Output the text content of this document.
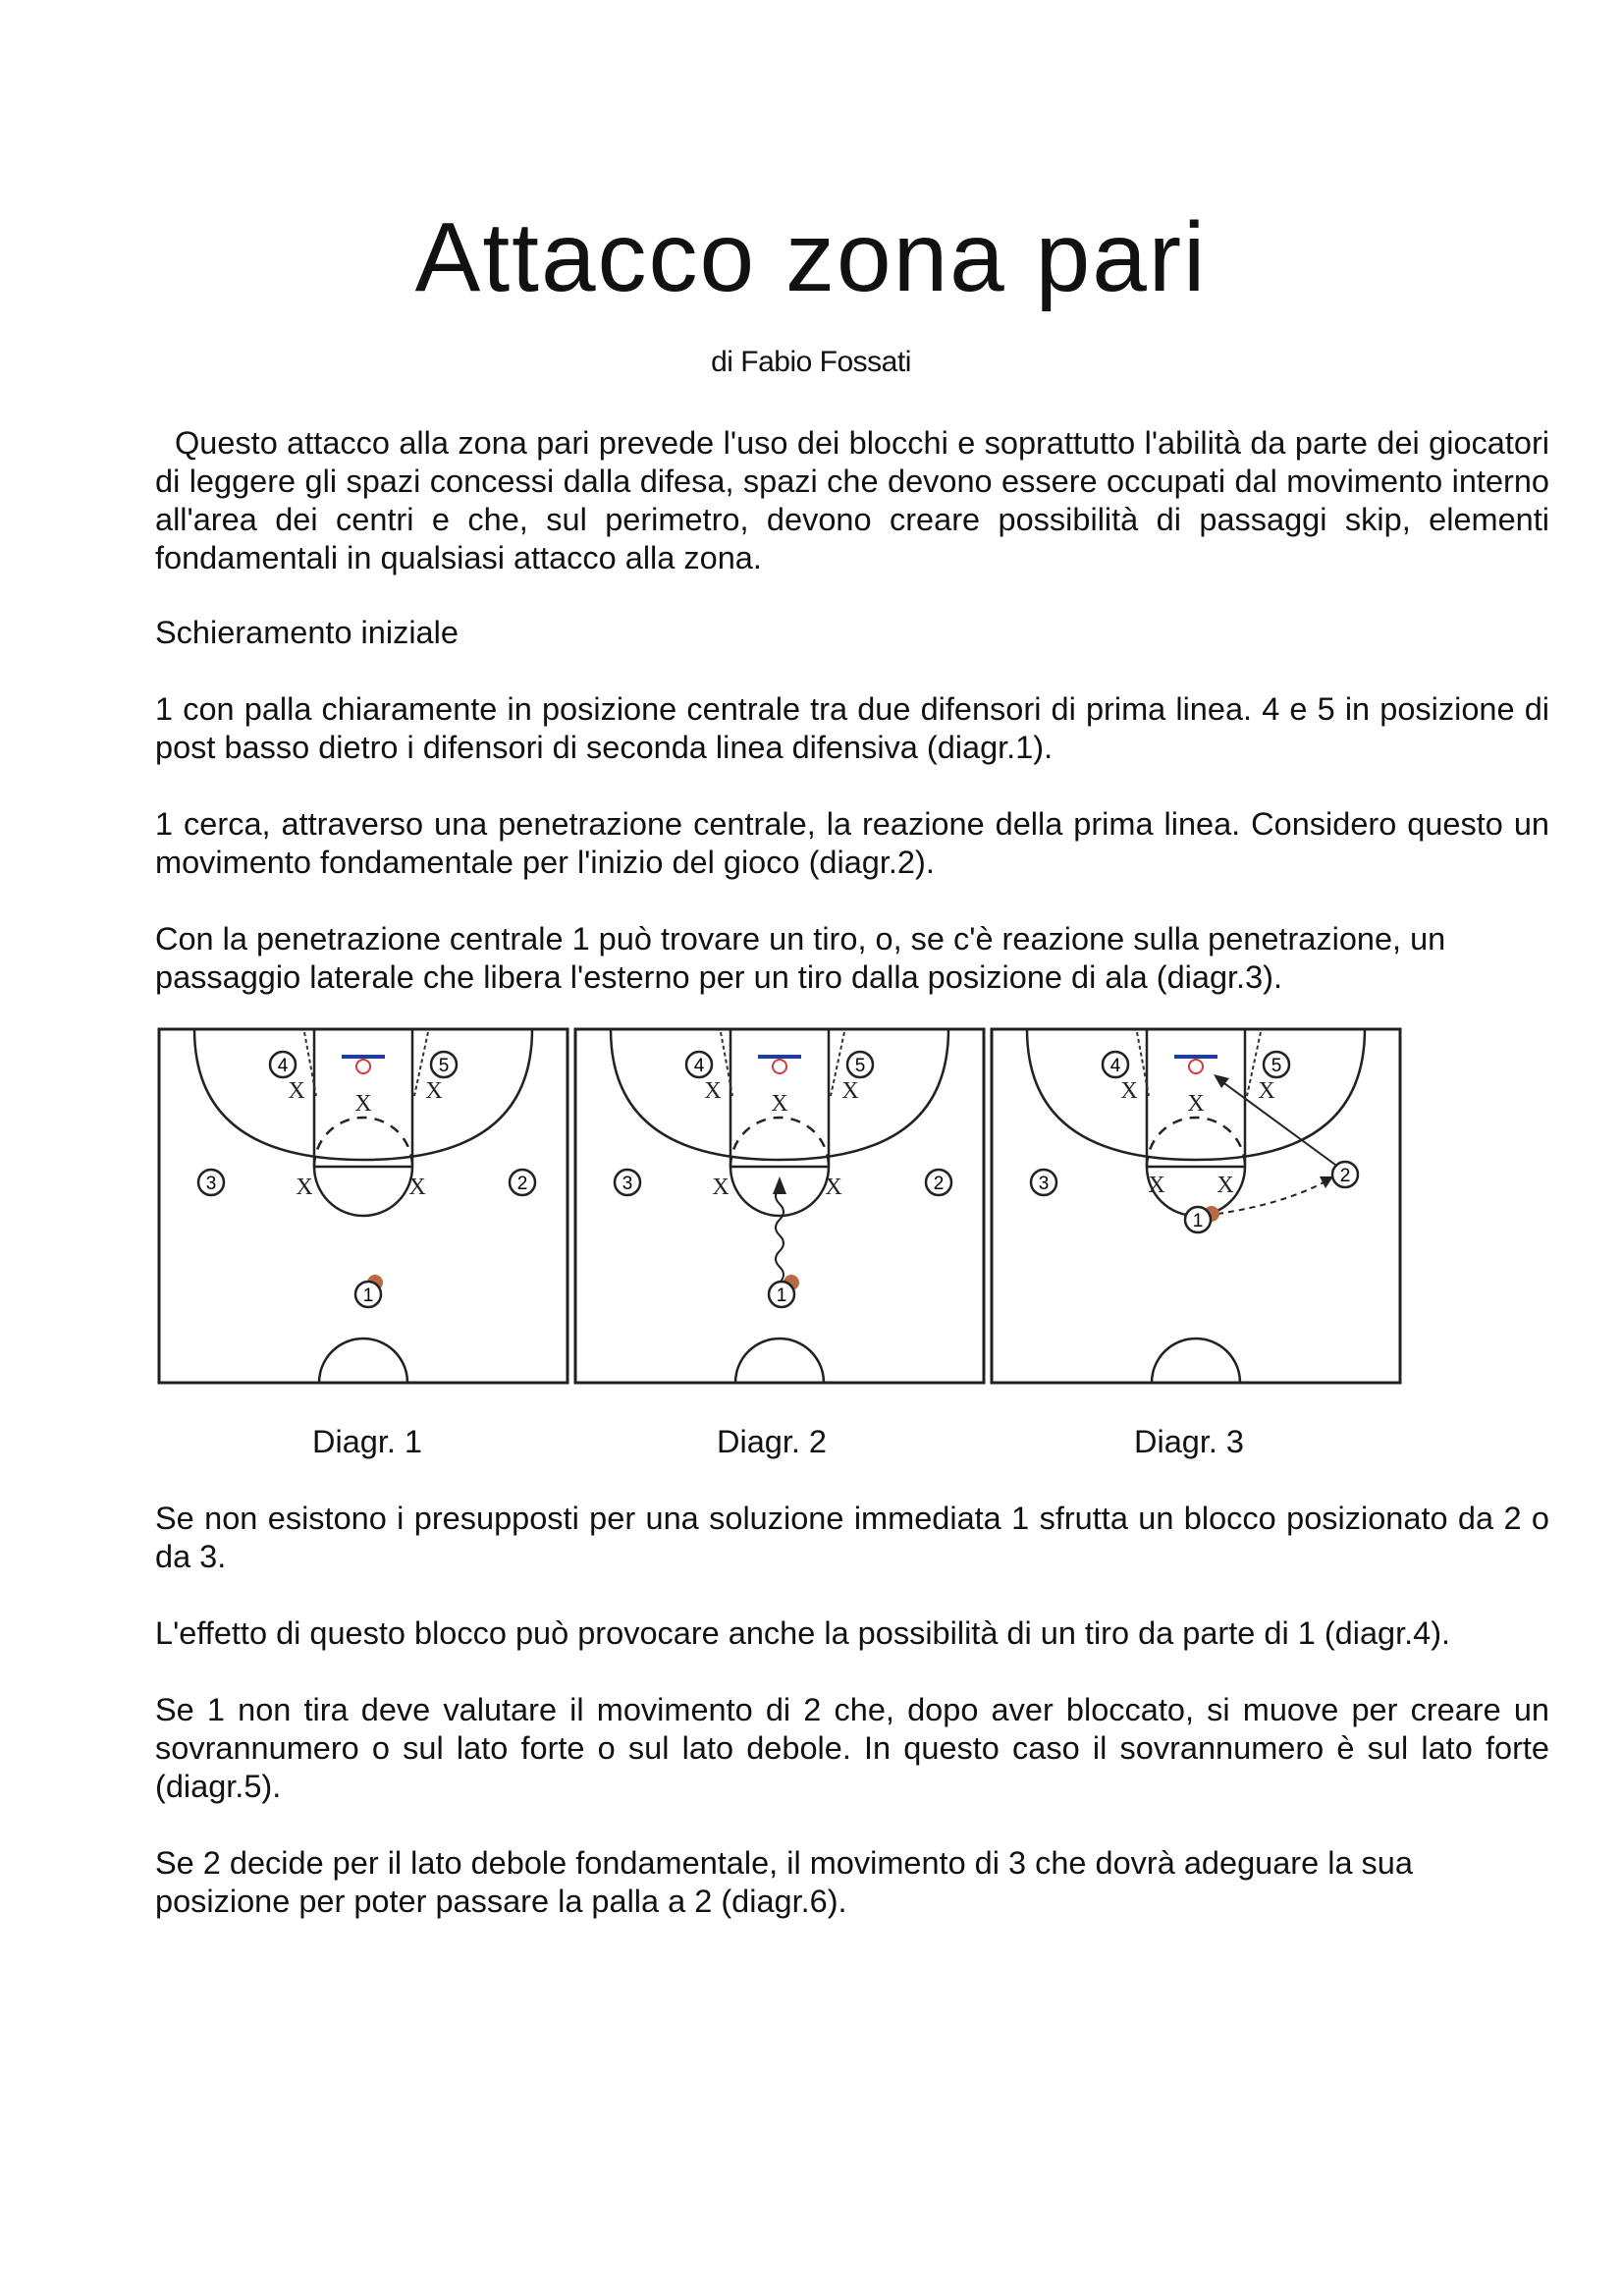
Attacco zona pari
di Fabio Fossati

Questo attacco alla zona pari prevede l'uso dei blocchi e soprattutto l'abilità da parte dei giocatori di leggere gli spazi concessi dalla difesa, spazi che devono essere occupati dal movimento interno all'area dei centri e che, sul perimetro, devono creare possibilità di passaggi skip, elementi fondamentali in qualsiasi attacco alla zona.

Schieramento iniziale

1 con palla chiaramente in posizione centrale tra due difensori di prima linea. 4 e 5 in posizione di post basso dietro i difensori di seconda linea difensiva (diagr.1).

1 cerca, attraverso una penetrazione centrale, la reazione della prima linea. Considero questo un movimento fondamentale per l'inizio del gioco (diagr.2).

Con la penetrazione centrale 1 può trovare un tiro, o, se c'è reazione sulla penetrazione, un passaggio laterale che libera l'esterno per un tiro dalla posizione di ala (diagr.3).

4	5
3	2
1
X X X
X	X
4	5
3	2
1
X X X
X	X
4	5
3	2
1
X X X
X X
Diagr. 1	Diagr. 2	Diagr. 3

Se non esistono i presupposti per una soluzione immediata 1 sfrutta un blocco posizionato da 2 o da 3.

L'effetto di questo blocco può provocare anche la possibilità di un tiro da parte di 1 (diagr.4).

Se 1 non tira deve valutare il movimento di 2 che, dopo aver bloccato, si muove per creare un sovrannumero o sul lato forte o sul lato debole. In questo caso il sovrannumero è sul lato forte (diagr.5).

Se 2 decide per il lato debole fondamentale, il movimento di 3 che dovrà adeguare la sua posizione per poter passare la palla a 2 (diagr.6).
